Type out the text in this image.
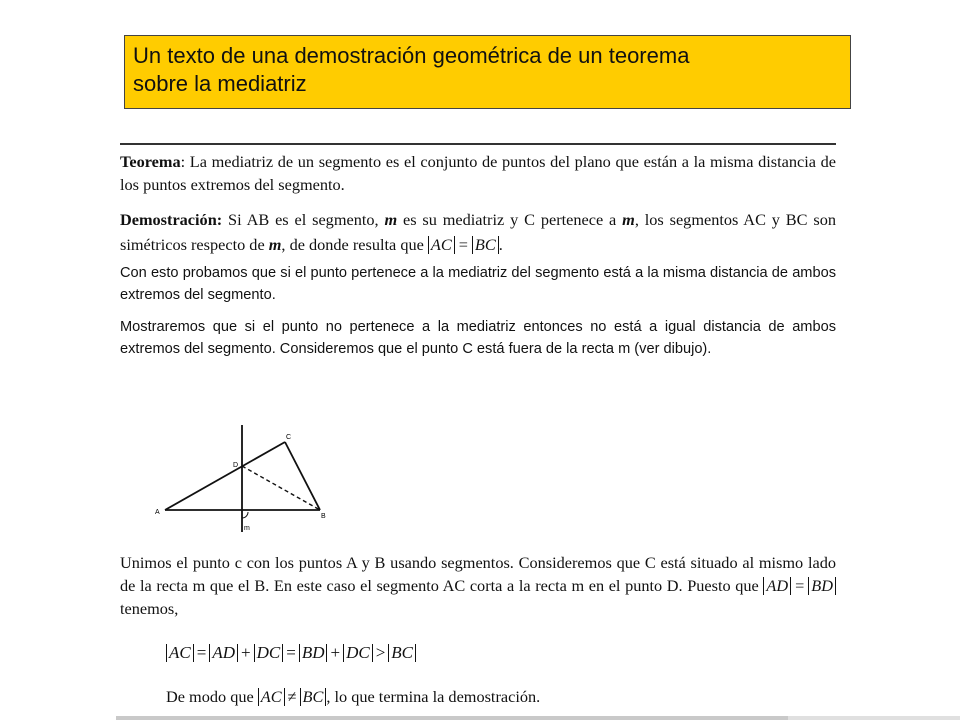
Un texto de una demostración geométrica de un teorema
sobre la mediatriz

Teorema: La mediatriz de un segmento es el conjunto de puntos del plano que están a la misma distancia de los puntos extremos del segmento.

Demostración: Si AB es el segmento, m es su mediatriz y C pertenece a m, los segmentos AC y BC son simétricos respecto de m, de donde resulta que AC = BC .

Con esto probamos que si el punto pertenece a la mediatriz del segmento está a la misma distancia de ambos extremos del segmento.

Mostraremos que si el punto no pertenece a la mediatriz entonces no está a igual distancia de ambos extremos del segmento. Consideremos que el punto C está fuera de la recta m (ver dibujo).

A
B
C
D
m

Unimos el punto c con los puntos A y B usando segmentos. Consideremos que C está situado al mismo lado de la recta m que el B. En este caso el segmento AC corta a la recta m en el punto D. Puesto que AD = BD tenemos,

AC = AD + DC = BD + DC > BC
De modo que AC ≠ BC , lo que termina la demostración.
